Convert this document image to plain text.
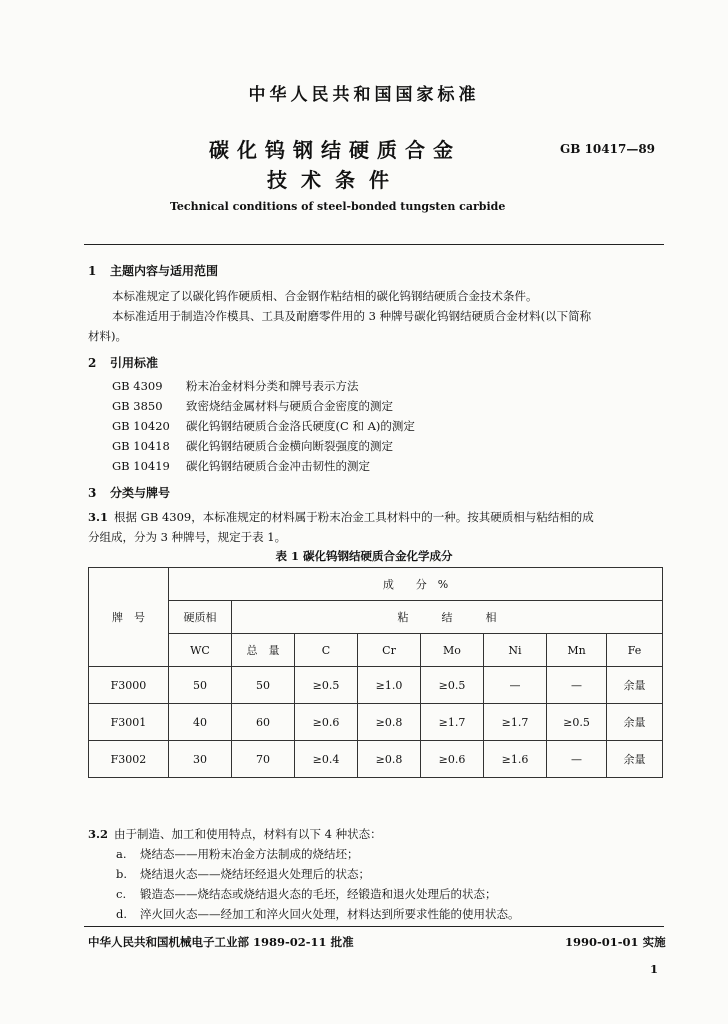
中华人民共和国国家标准
碳化钨钢结硬质合金
技术条件
GB 10417—89
Technical conditions of steel-bonded tungsten carbide
1 主题内容与适用范围
本标准规定了以碳化钨作硬质相、合金钢作粘结相的碳化钨钢结硬质合金技术条件。
本标准适用于制造冷作模具、工具及耐磨零件用的 3 种牌号碳化钨钢结硬质合金材料(以下简称
材料)。
2 引用标准
GB 4309 粉末冶金材料分类和牌号表示方法
GB 3850 致密烧结金属材料与硬质合金密度的测定
GB 10420 碳化钨钢结硬质合金洛氏硬度(C 和 A)的测定
GB 10418 碳化钨钢结硬质合金横向断裂强度的测定
GB 10419 碳化钨钢结硬质合金冲击韧性的测定
3 分类与牌号
3.1 根据 GB 4309，本标准规定的材料属于粉末冶金工具材料中的一种。按其硬质相与粘结相的成
分组成，分为 3 种牌号，规定于表 1。
表 1 碳化钨钢结硬质合金化学成分
牌　号	成　　分　%							
	硬质相	粘　　　结　　　相						
	WC	总　量	C	Cr	Mo	Ni	Mn	Fe
F3000	50	50	≥0.5	≥1.0	≥0.5	—	—	余量
F3001	40	60	≥0.6	≥0.8	≥1.7	≥1.7	≥0.5	余量
F3002	30	70	≥0.4	≥0.8	≥0.6	≥1.6	—	余量
3.2 由于制造、加工和使用特点，材料有以下 4 种状态：
a. 烧结态——用粉末冶金方法制成的烧结坯；
b. 烧结退火态——烧结坯经退火处理后的状态；
c. 锻造态——烧结态或烧结退火态的毛坯，经锻造和退火处理后的状态；
d. 淬火回火态——经加工和淬火回火处理，材料达到所要求性能的使用状态。
中华人民共和国机械电子工业部 1989-02-11 批准	1990-01-01 实施
1
